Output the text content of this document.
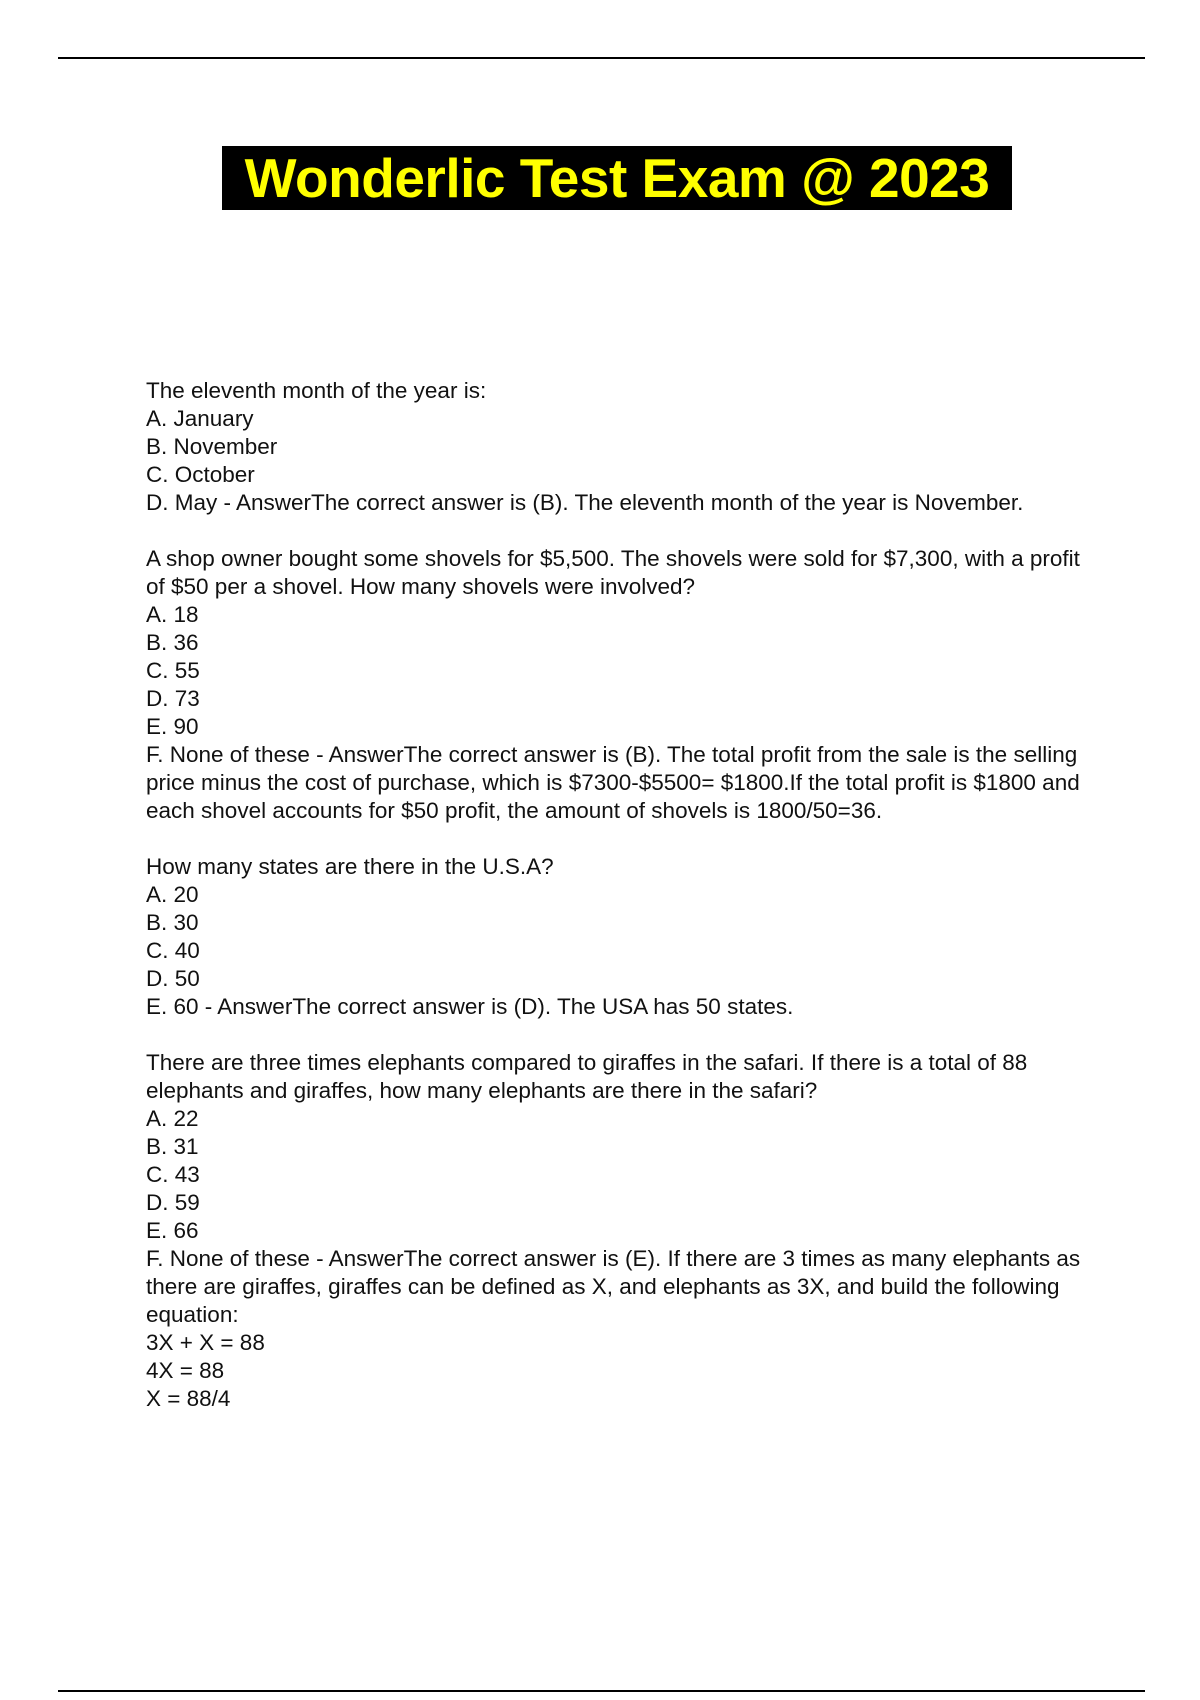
Wonderlic Test Exam @ 2023
The eleventh month of the year is:
A. January
B. November
C. October
D. May - AnswerThe correct answer is (B). The eleventh month of the year is November.
A shop owner bought some shovels for $5,500. The shovels were sold for $7,300, with a profit of $50 per a shovel. How many shovels were involved?
A. 18
B. 36
C. 55
D. 73
E. 90
F. None of these - AnswerThe correct answer is (B). The total profit from the sale is the selling price minus the cost of purchase, which is $7300-$5500= $1800.If the total profit is $1800 and each shovel accounts for $50 profit, the amount of shovels is 1800/50=36.
How many states are there in the U.S.A?
A. 20
B. 30
C. 40
D. 50
E. 60 - AnswerThe correct answer is (D). The USA has 50 states.
There are three times elephants compared to giraffes in the safari. If there is a total of 88 elephants and giraffes, how many elephants are there in the safari?
A. 22
B. 31
C. 43
D. 59
E. 66
F. None of these - AnswerThe correct answer is (E). If there are 3 times as many elephants as there are giraffes, giraffes can be defined as X, and elephants as 3X, and build the following equation:
3X + X = 88
4X = 88
X = 88/4
